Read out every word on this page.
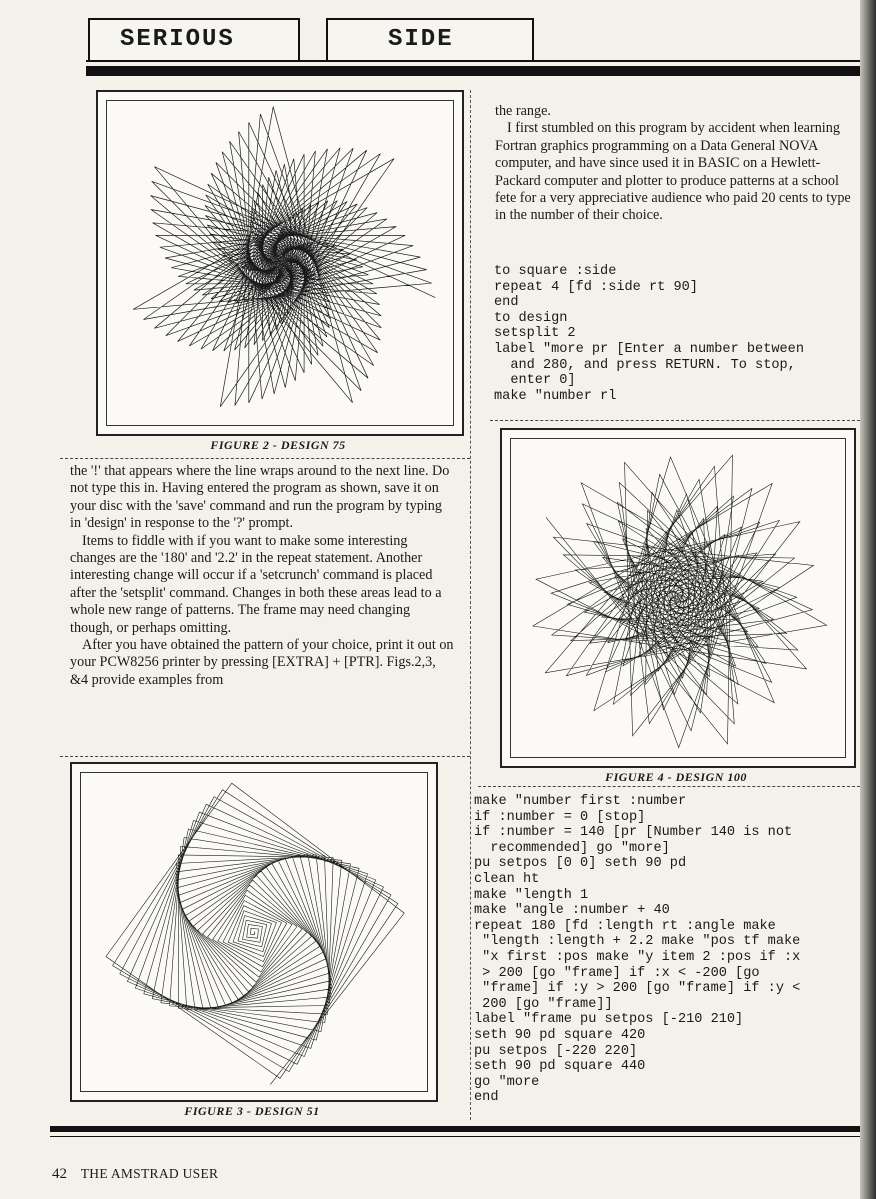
SERIOUS	SIDE
FIGURE 2 - DESIGN 75

the '!' that appears where the line wraps around to the next line. Do not type this in. Having entered the program as shown, save it on your disc with the 'save' command and run the program by typing in 'design' in response to the '?' prompt.

Items to fiddle with if you want to make some interesting changes are the '180' and '2.2' in the repeat statement. Another interesting change will occur if a 'setcrunch' command is placed after the 'setsplit' command. Changes in both these areas lead to a whole new range of patterns. The frame may need changing though, or perhaps omitting.

After you have obtained the pattern of your choice, print it out on your PCW8256 printer by pressing [EXTRA] + [PTR]. Figs.2,3, &4 provide examples from

FIGURE 3 - DESIGN 51

the range.

I first stumbled on this program by accident when learning Fortran graphics programming on a Data General NOVA computer, and have since used it in BASIC on a Hewlett-Packard computer and plotter to produce patterns at a school fete for a very appreciative audience who paid 20 cents to type in the number of their choice.

to square :side
repeat 4 [fd :side rt 90]
end
to design
setsplit 2
label "more pr [Enter a number between
and 280, and press RETURN. To stop,
enter 0]
make "number rl
FIGURE 4 - DESIGN 100
make "number first :number
if :number = 0 [stop]
if :number = 140 [pr [Number 140 is not
recommended] go "more]
pu setpos [0 0] seth 90 pd
clean ht
make "length 1
make "angle :number + 40
repeat 180 [fd :length rt :angle make
"length :length + 2.2 make "pos tf make
"x first :pos make "y item 2 :pos if :x
> 200 [go "frame] if :x < -200 [go
"frame] if :y > 200 [go "frame] if :y <
200 [go "frame]]
label "frame pu setpos [-210 210]
seth 90 pd square 420
pu setpos [-220 220]
seth 90 pd square 440
go "more
end
42 THE AMSTRAD USER
